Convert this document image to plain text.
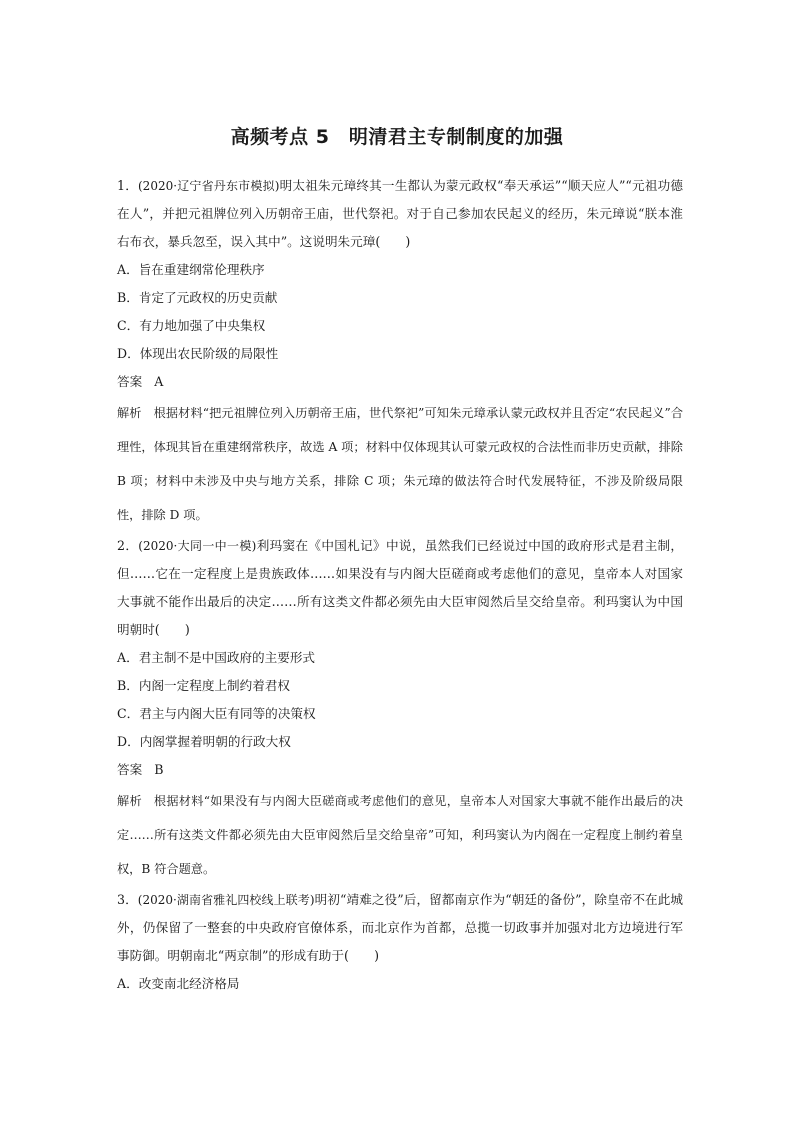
高频考点 5　明清君主专制制度的加强

1．(2020·辽宁省丹东市模拟)明太祖朱元璋终其一生都认为蒙元政权“奉天承运”“顺天应人”“元祖功德在人”，并把元祖牌位列入历朝帝王庙，世代祭祀。对于自己参加农民起义的经历，朱元璋说“朕本淮右布衣，暴兵忽至，误入其中”。这说明朱元璋(　　)

A．旨在重建纲常伦理秩序

B．肯定了元政权的历史贡献

C．有力地加强了中央集权

D．体现出农民阶级的局限性

答案 A

解析 根据材料“把元祖牌位列入历朝帝王庙，世代祭祀”可知朱元璋承认蒙元政权并且否定“农民起义”合理性，体现其旨在重建纲常秩序，故选 A 项；材料中仅体现其认可蒙元政权的合法性而非历史贡献，排除 B 项；材料中未涉及中央与地方关系，排除 C 项；朱元璋的做法符合时代发展特征，不涉及阶级局限性，排除 D 项。

2．(2020·大同一中一模)利玛窦在《中国札记》中说，虽然我们已经说过中国的政府形式是君主制，但……它在一定程度上是贵族政体……如果没有与内阁大臣磋商或考虑他们的意见，皇帝本人对国家大事就不能作出最后的决定……所有这类文件都必须先由大臣审阅然后呈交给皇帝。利玛窦认为中国明朝时(　　)

A．君主制不是中国政府的主要形式

B．内阁一定程度上制约着君权

C．君主与内阁大臣有同等的决策权

D．内阁掌握着明朝的行政大权

答案 B

解析 根据材料“如果没有与内阁大臣磋商或考虑他们的意见，皇帝本人对国家大事就不能作出最后的决定……所有这类文件都必须先由大臣审阅然后呈交给皇帝”可知，利玛窦认为内阁在一定程度上制约着皇权，B 符合题意。

3．(2020·湖南省雅礼四校线上联考)明初“靖难之役”后，留都南京作为“朝廷的备份”，除皇帝不在此城外，仍保留了一整套的中央政府官僚体系，而北京作为首都，总揽一切政事并加强对北方边境进行军事防御。明朝南北“两京制”的形成有助于(　　)

A．改变南北经济格局
